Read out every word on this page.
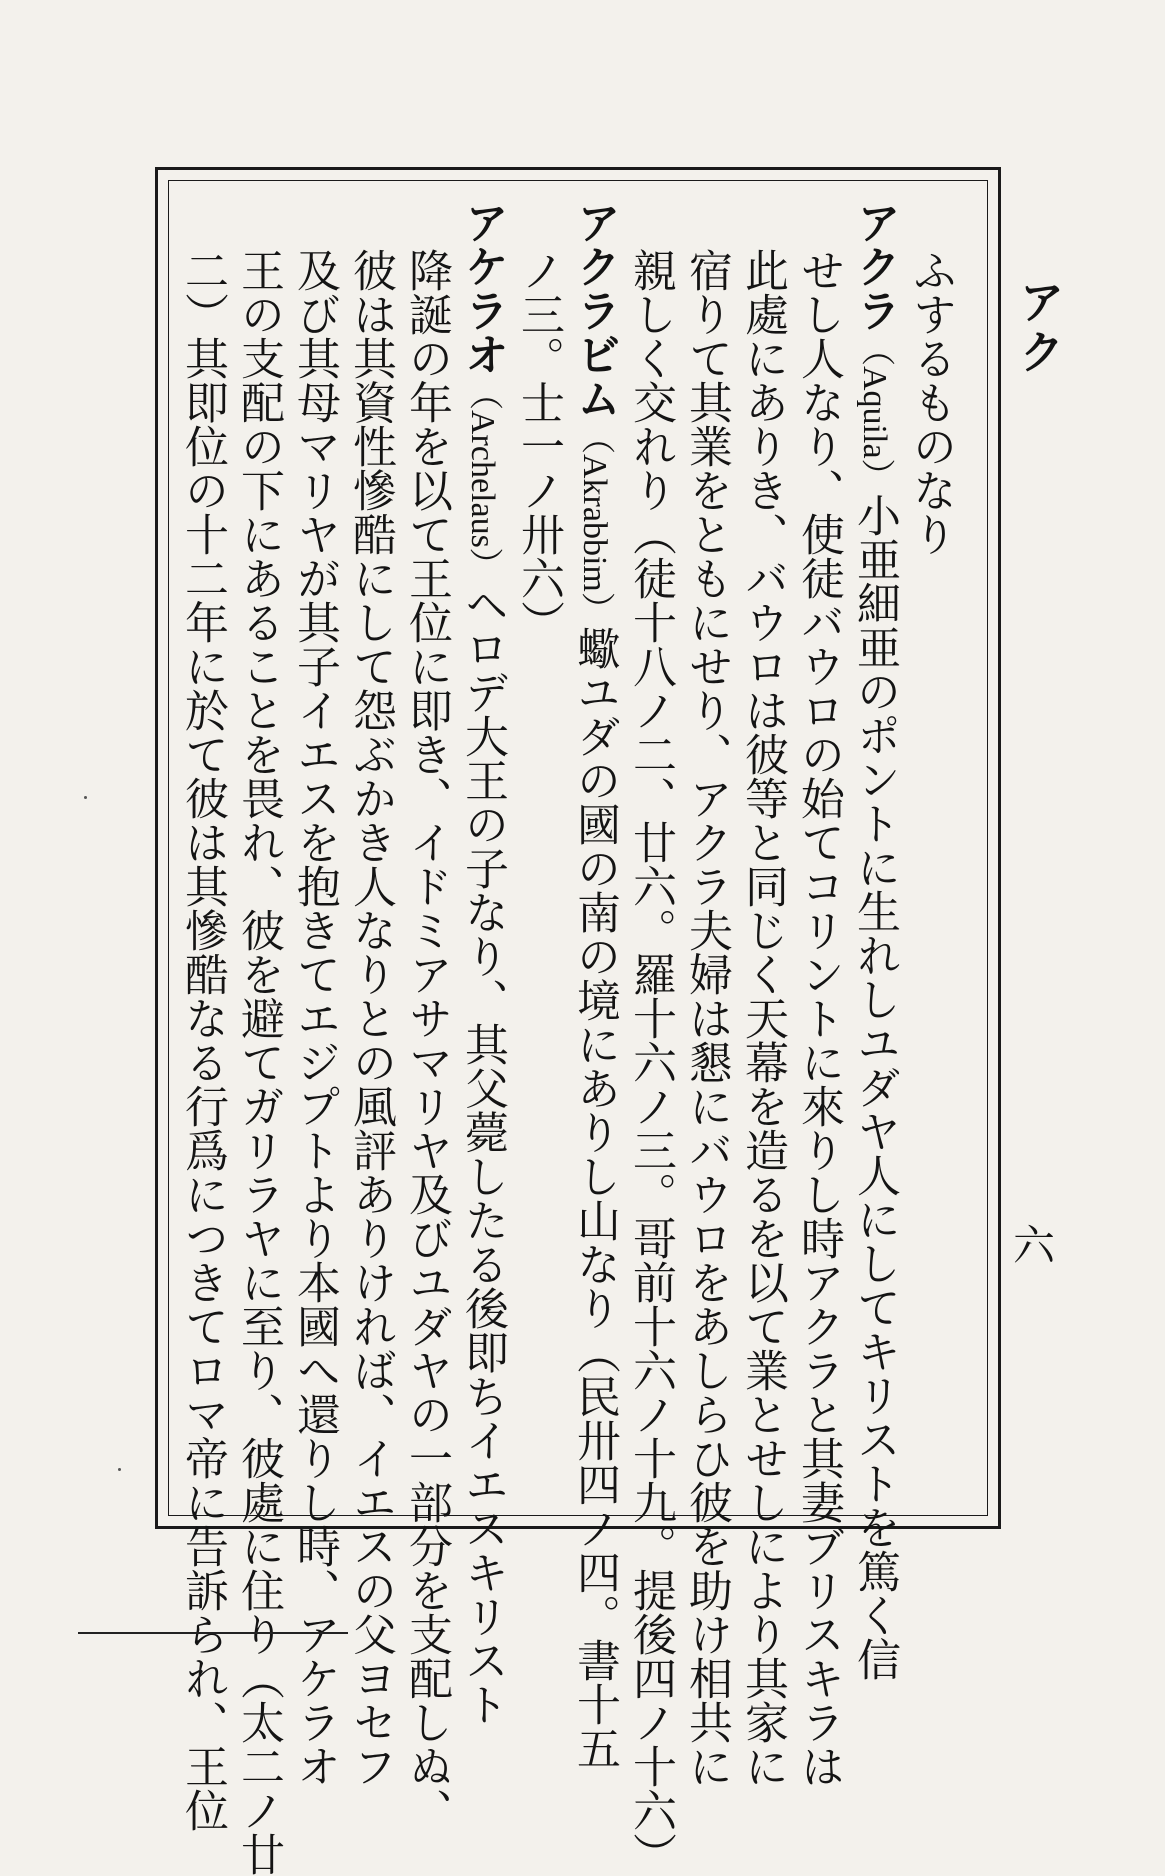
アク
六
ふするものなり
アクラ（Aquila）小亜細亜のポントに生れしユダヤ人にしてキリストを篤く信
せし人なり、使徒バウロの始てコリントに來りし時アクラと其妻ブリスキラは
此處にありき、バウロは彼等と同じく天幕を造るを以て業とせしにより其家に
宿りて其業をともにせり、アクラ夫婦は懇にバウロをあしらひ彼を助け相共に
親しく交れり（徒十八ノ二、廿六。羅十六ノ三。哥前十六ノ十九。提後四ノ十六）
アクラビム（Akrabbim）蠍ユダの國の南の境にありし山なり（民卅四ノ四。書十五
ノ三。士一ノ卅六）
アケラオ（Archelaus）ヘロデ大王の子なり、其父薨したる後即ちイエスキリスト
降誕の年を以て王位に即き、イドミアサマリヤ及びユダヤの一部分を支配しぬ、
彼は其資性慘酷にして怨ぶかき人なりとの風評ありければ、イエスの父ヨセフ
及び其母マリヤが其子イエスを抱きてエジプトより本國へ還りし時、アケラオ
王の支配の下にあることを畏れ、彼を避てガリラヤに至り、彼處に住り（太二ノ廿
二）其即位の十二年に於て彼は其慘酷なる行爲につきてロマ帝に告訴られ、王位
